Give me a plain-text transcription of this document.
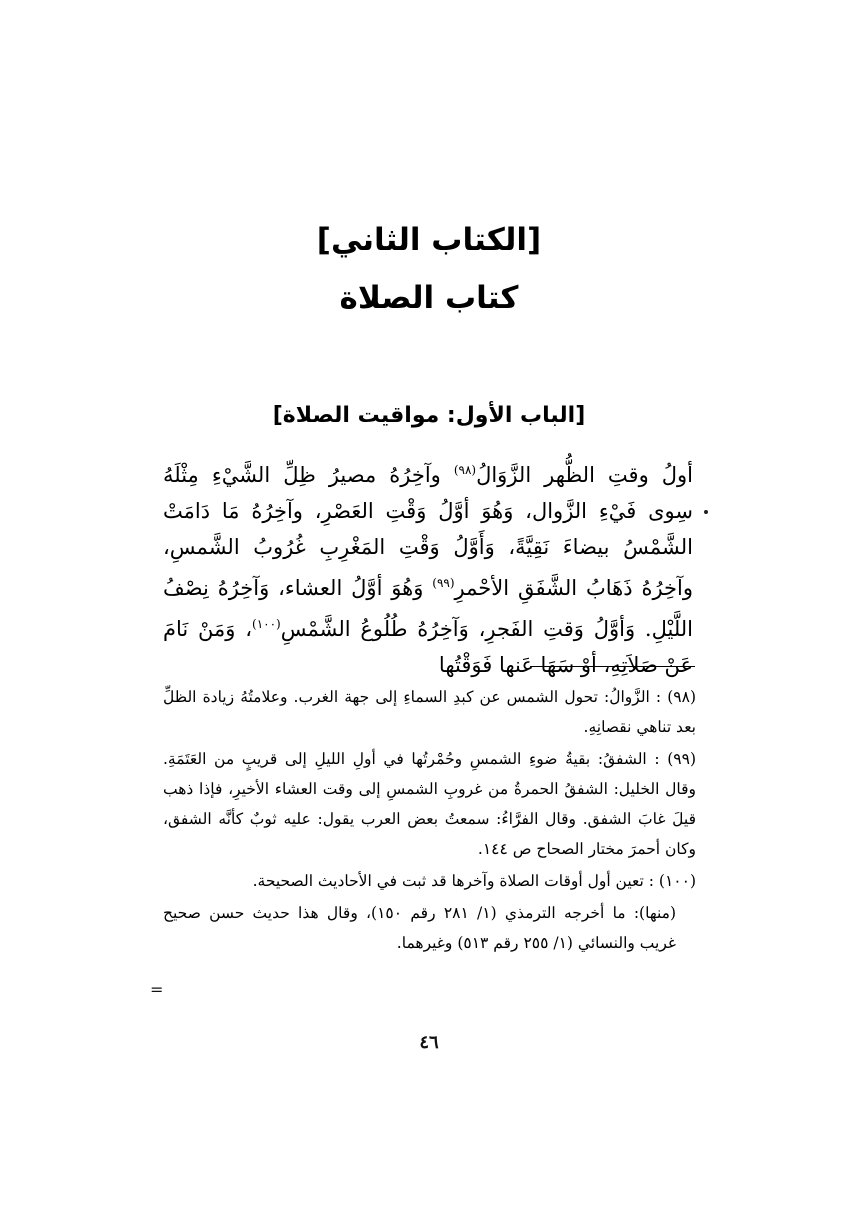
[الكتاب الثاني]
كتاب الصلاة
[الباب الأول: مواقيت الصلاة]
أولُ وقتِ الظُّهر الزَّوَالُ$^{(٩٨)}$ وآخِرُهُ مصيرُ ظِلِّ الشَّيْءِ مِثْلَهُ سِوى فَيْءِ الزَّوال، وَهُوَ أوَّلُ وَقْتِ العَصْرِ، وآخِرُهُ مَا دَامَتْ الشَّمْسُ بيضاءَ نَقِيَّةً، وَأَوَّلُ وَقْتِ المَغْرِبِ غُرُوبُ الشَّمسِ، وآخِرُهُ ذَهَابُ الشَّفَقِ الأحْمرِ$^{(٩٩)}$ وَهُوَ أوَّلُ العشاء، وَآخِرُهُ نِصْفُ اللَّيْلِ. وَأوَّلُ وَقتِ الفَجرِ، وَآخِرُهُ طُلُوعُ الشَّمْسِ$^{(١٠٠)}$، وَمَنْ نَامَ عَنْ صَلاَتِهِ، أوْ سَهَا عَنها فَوَقْتُها

(٩٨) : الزَّوالُ: تحول الشمس عن كبدِ السماءِ إلى جهة الغرب. وعلامتُهُ زيادة الظلِّ بعد تناهي نقصانِهِ.

(٩٩) : الشفقُ: بقيةُ ضوءِ الشمسِ وحُمْرتُها في أولِ الليلِ إلى قريبٍ من العَتَمَةِ. وقال الخليل: الشفقُ الحمرةُ من غروبِ الشمسِ إلى وقت العشاء الأخيرِ، فإذا ذهب قيلَ غابَ الشفق. وقال الفرَّاءُ: سمعتُ بعض العرب يقول: عليه ثوبٌ كأنَّه الشفق، وكان أحمرَ مختار الصحاح ص ١٤٤.

(١٠٠) : تعين أول أوقات الصلاة وآخرها قد ثبت في الأحاديث الصحيحة.

(منها): ما أخرجه الترمذي (١/ ٢٨١ رقم ١٥٠)، وقال هذا حديث حسن صحيح غريب والنسائي (١/ ٢٥٥ رقم ٥١٣) وغيرهما.

=
٤٦
